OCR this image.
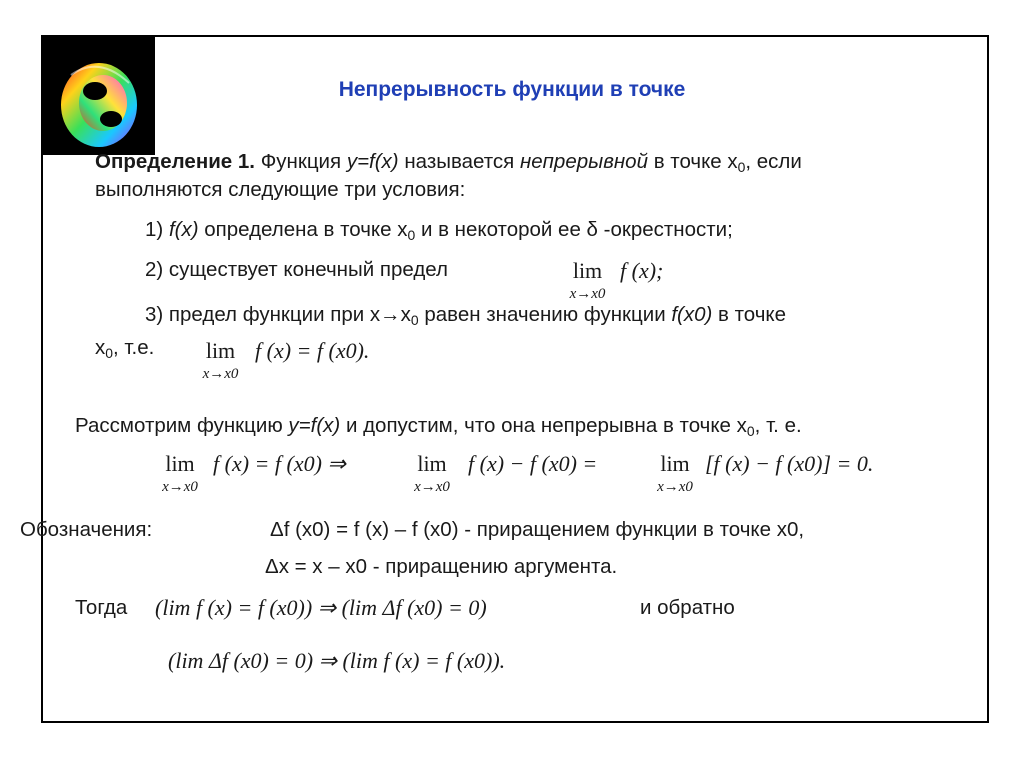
Непрерывность функции в точке
Определение 1. Функция y=f(x) называется непрерывной в точке $x_0$, если
выполняются следующие три условия:
1) f(x) определена в точке $x_0$ и в некоторой ее δ -окрестности;
2) существует конечный предел	lim
x→x0
f (x);
3) предел функции при $x\to x_0$ равен значению функции f(x0) в точке
$x_0$, т.е.	lim
x→x0
f (x) = f (x0).
Рассмотрим функцию y=f(x) и допустим, что она непрерывна в точке $x_0$, т. е.
lim
x→x0
f (x) = f (x0) ⇒	lim
x→x0
f (x) − f (x0) =	lim
x→x0
[f (x) − f (x0)] = 0.
Обозначения:	Δf (x0) = f (x) – f (x0) - приращением функции в точке x0,
Δx = x – x0 - приращению аргумента.
Тогда (lim f (x) = f (x0)) ⇒ (lim Δf (x0) = 0)	и обратно
(lim Δf (x0) = 0) ⇒ (lim f (x) = f (x0)).
